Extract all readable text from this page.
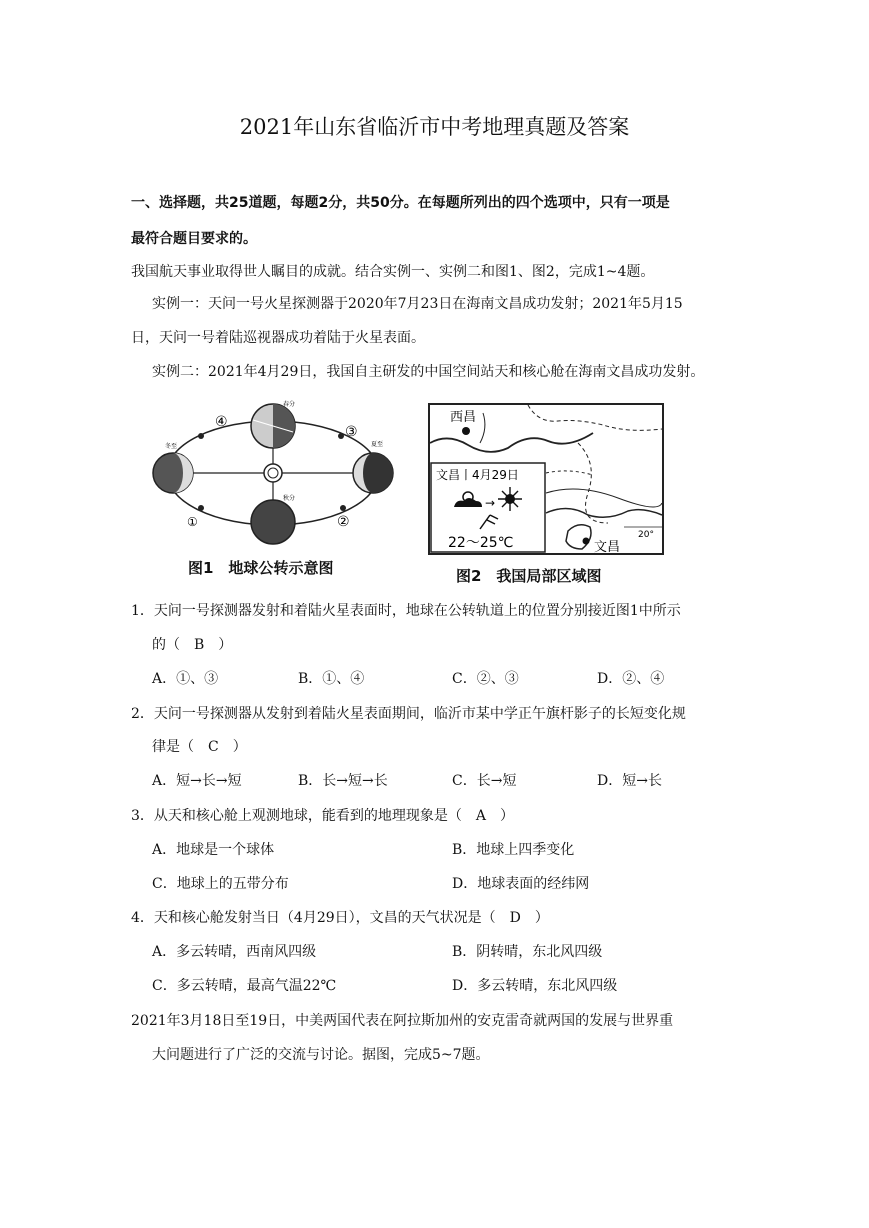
2021年山东省临沂市中考地理真题及答案
一、选择题，共25道题，每题2分，共50分。在每题所列出的四个选项中，只有一项是
最符合题目要求的。
我国航天事业取得世人瞩目的成就。结合实例一、实例二和图1、图2，完成1~4题。
实例一：天问一号火星探测器于2020年7月23日在海南文昌成功发射；2021年5月15
日，天问一号着陆巡视器成功着陆于火星表面。
实例二：2021年4月29日，我国自主研发的中国空间站天和核心舱在海南文昌成功发射。
④
③
①	②
春分
夏至
秋分
冬至
图1　地球公转示意图
20°
西昌
文昌
文昌丨4月29日
→
22～25℃
图2　我国局部区域图
1．天问一号探测器发射和着陆火星表面时，地球在公转轨道上的位置分别接近图1中所示
的（　B　）
A．①、③	B．①、④	C．②、③	D．②、④
2．天问一号探测器从发射到着陆火星表面期间，临沂市某中学正午旗杆影子的长短变化规
律是（　C　）
A．短→长→短	B．长→短→长	C．长→短	D．短→长
3．从天和核心舱上观测地球，能看到的地理现象是（　A　）
A．地球是一个球体	B．地球上四季变化
C．地球上的五带分布	D．地球表面的经纬网
4．天和核心舱发射当日（4月29日），文昌的天气状况是（　D　）
A．多云转晴，西南风四级	B．阴转晴，东北风四级
C．多云转晴，最高气温22℃	D．多云转晴，东北风四级
2021年3月18日至19日，中美两国代表在阿拉斯加州的安克雷奇就两国的发展与世界重
大问题进行了广泛的交流与讨论。据图，完成5~7题。
